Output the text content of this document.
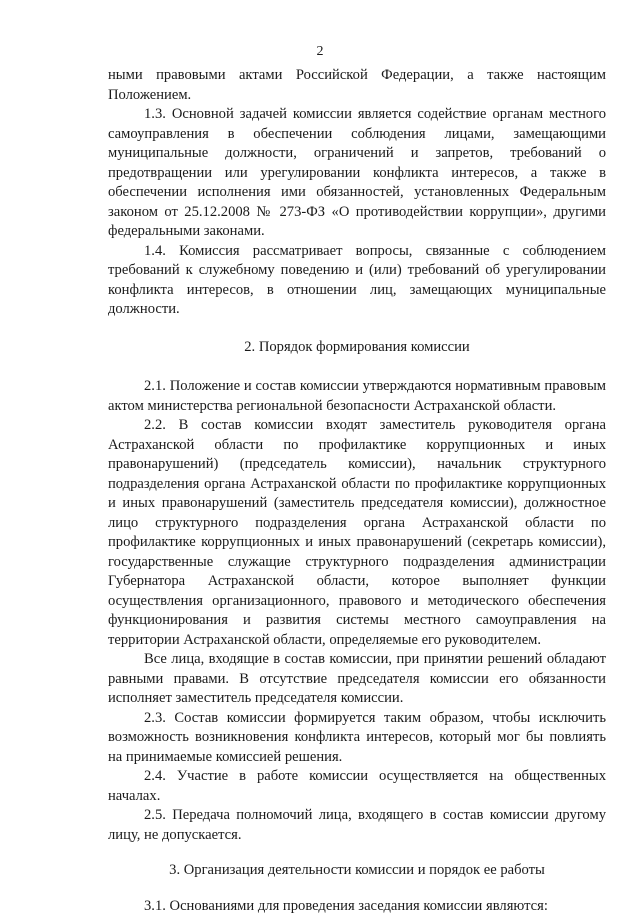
2

ными правовыми актами Российской Федерации, а также настоящим Положением.

1.3. Основной задачей комиссии является содействие органам местного самоуправления в обеспечении соблюдения лицами, замещающими муниципальные должности, ограничений и запретов, требований о предотвращении или урегулировании конфликта интересов, а также в обеспечении исполнения ими обязанностей, установленных Федеральным законом от 25.12.2008 № 273-ФЗ «О противодействии коррупции», другими федеральными законами.

1.4. Комиссия рассматривает вопросы, связанные с соблюдением требований к служебному поведению и (или) требований об урегулировании конфликта интересов, в отношении лиц, замещающих муниципальные должности.

2. Порядок формирования комиссии

2.1. Положение и состав комиссии утверждаются нормативным правовым актом министерства региональной безопасности Астраханской области.

2.2. В состав комиссии входят заместитель руководителя органа Астраханской области по профилактике коррупционных и иных правонарушений) (председатель комиссии), начальник структурного подразделения органа Астраханской области по профилактике коррупционных и иных правонарушений (заместитель председателя комиссии), должностное лицо структурного подразделения органа Астраханской области по профилактике коррупционных и иных правонарушений (секретарь комиссии), государственные служащие структурного подразделения администрации Губернатора Астраханской области, которое выполняет функции осуществления организационного, правового и методического обеспечения функционирования и развития системы местного самоуправления на территории Астраханской области, определяемые его руководителем.

Все лица, входящие в состав комиссии, при принятии решений обладают равными правами. В отсутствие председателя комиссии его обязанности исполняет заместитель председателя комиссии.

2.3. Состав комиссии формируется таким образом, чтобы исключить возможность возникновения конфликта интересов, который мог бы повлиять на принимаемые комиссией решения.

2.4. Участие в работе комиссии осуществляется на общественных началах.

2.5. Передача полномочий лица, входящего в состав комиссии другому лицу, не допускается.

3. Организация деятельности комиссии и порядок ее работы

3.1. Основаниями для проведения заседания комиссии являются:
